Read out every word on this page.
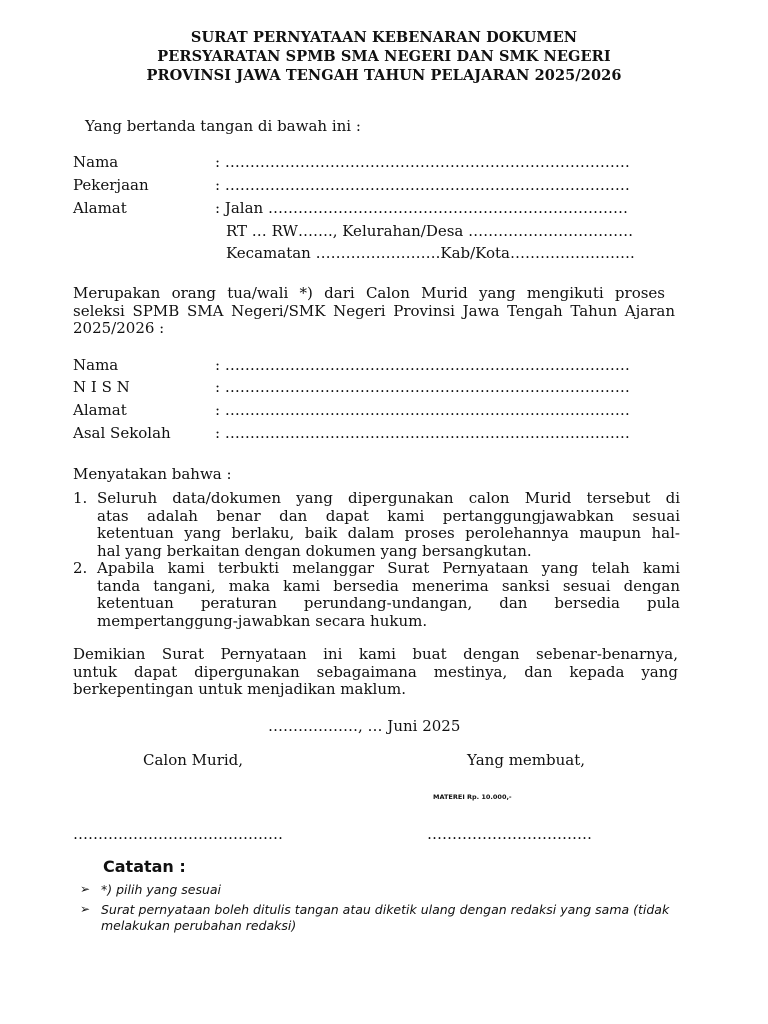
SURAT PERNYATAAN KEBENARAN DOKUMEN
PERSYARATAN SPMB SMA NEGERI DAN SMK NEGERI
PROVINSI JAWA TENGAH TAHUN PELAJARAN 2025/2026
Yang bertanda tangan di bawah ini :
Nama	: ………………………………………………………………………
Pekerjaan	: ………………………………………………………………………
Alamat	: Jalan ………………………………………………………………
RT … RW……., Kelurahan/Desa ……………………………
Kecamatan …………………….Kab/Kota…………………….
Merupakan orang tua/wali *) dari Calon Murid yang mengikuti proses
seleksi SPMB SMA Negeri/SMK Negeri Provinsi Jawa Tengah Tahun Ajaran
2025/2026 :
Nama	: ………………………………………………………………………
N I S N	: ………………………………………………………………………
Alamat	: ………………………………………………………………………
Asal Sekolah	: ………………………………………………………………………
Menyatakan bahwa :
1. Seluruh data/dokumen yang dipergunakan calon Murid tersebut di
atas adalah benar dan dapat kami pertanggungjawabkan sesuai
ketentuan yang berlaku, baik dalam proses perolehannya maupun hal-
hal yang berkaitan dengan dokumen yang bersangkutan.
2. Apabila kami terbukti melanggar Surat Pernyataan yang telah kami
tanda tangani, maka kami bersedia menerima sanksi sesuai dengan
ketentuan peraturan perundang-undangan, dan bersedia pula
mempertanggung-jawabkan secara hukum.
Demikian Surat Pernyataan ini kami buat dengan sebenar-benarnya,
untuk dapat dipergunakan sebagaimana mestinya, dan kepada yang
berkepentingan untuk menjadikan maklum.
………………, … Juni 2025
Calon Murid,	Yang membuat,
MATEREI Rp. 10.000,-
……………………………………	……………………………
Catatan :
➢ *) pilih yang sesuai
➢ Surat pernyataan boleh ditulis tangan atau diketik ulang dengan redaksi yang sama (tidak
melakukan perubahan redaksi)
